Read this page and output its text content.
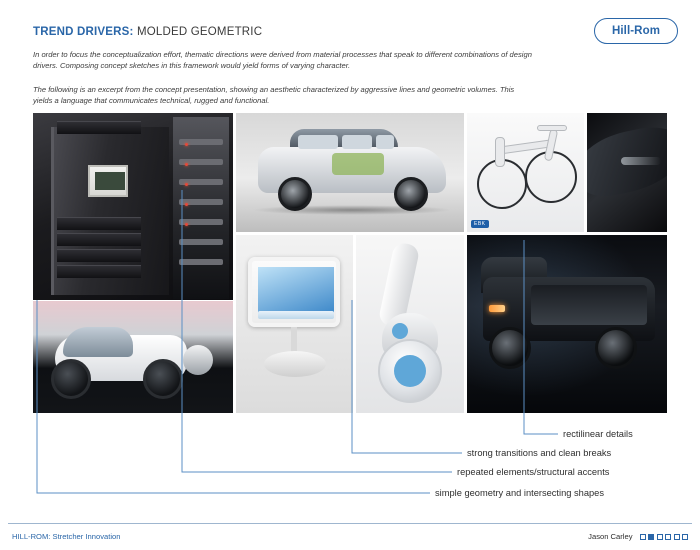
TREND DRIVERS: MOLDED GEOMETRIC
In order to focus the conceptualization effort, thematic directions were derived from material processes that speak to different combinations of design drivers. Composing concept sketches in this framework would yield forms of varying character.
The following is an excerpt from the concept presentation, showing an aesthetic characterized by aggressive lines and geometric volumes. This yields a language that communicates technical, rugged and functional.
Hill-Rom
EBK
rectilinear details
strong transitions and clean breaks
repeated elements/structural accents
simple geometry and intersecting shapes
HILL-ROM: Stretcher Innovation	Jason Carley
